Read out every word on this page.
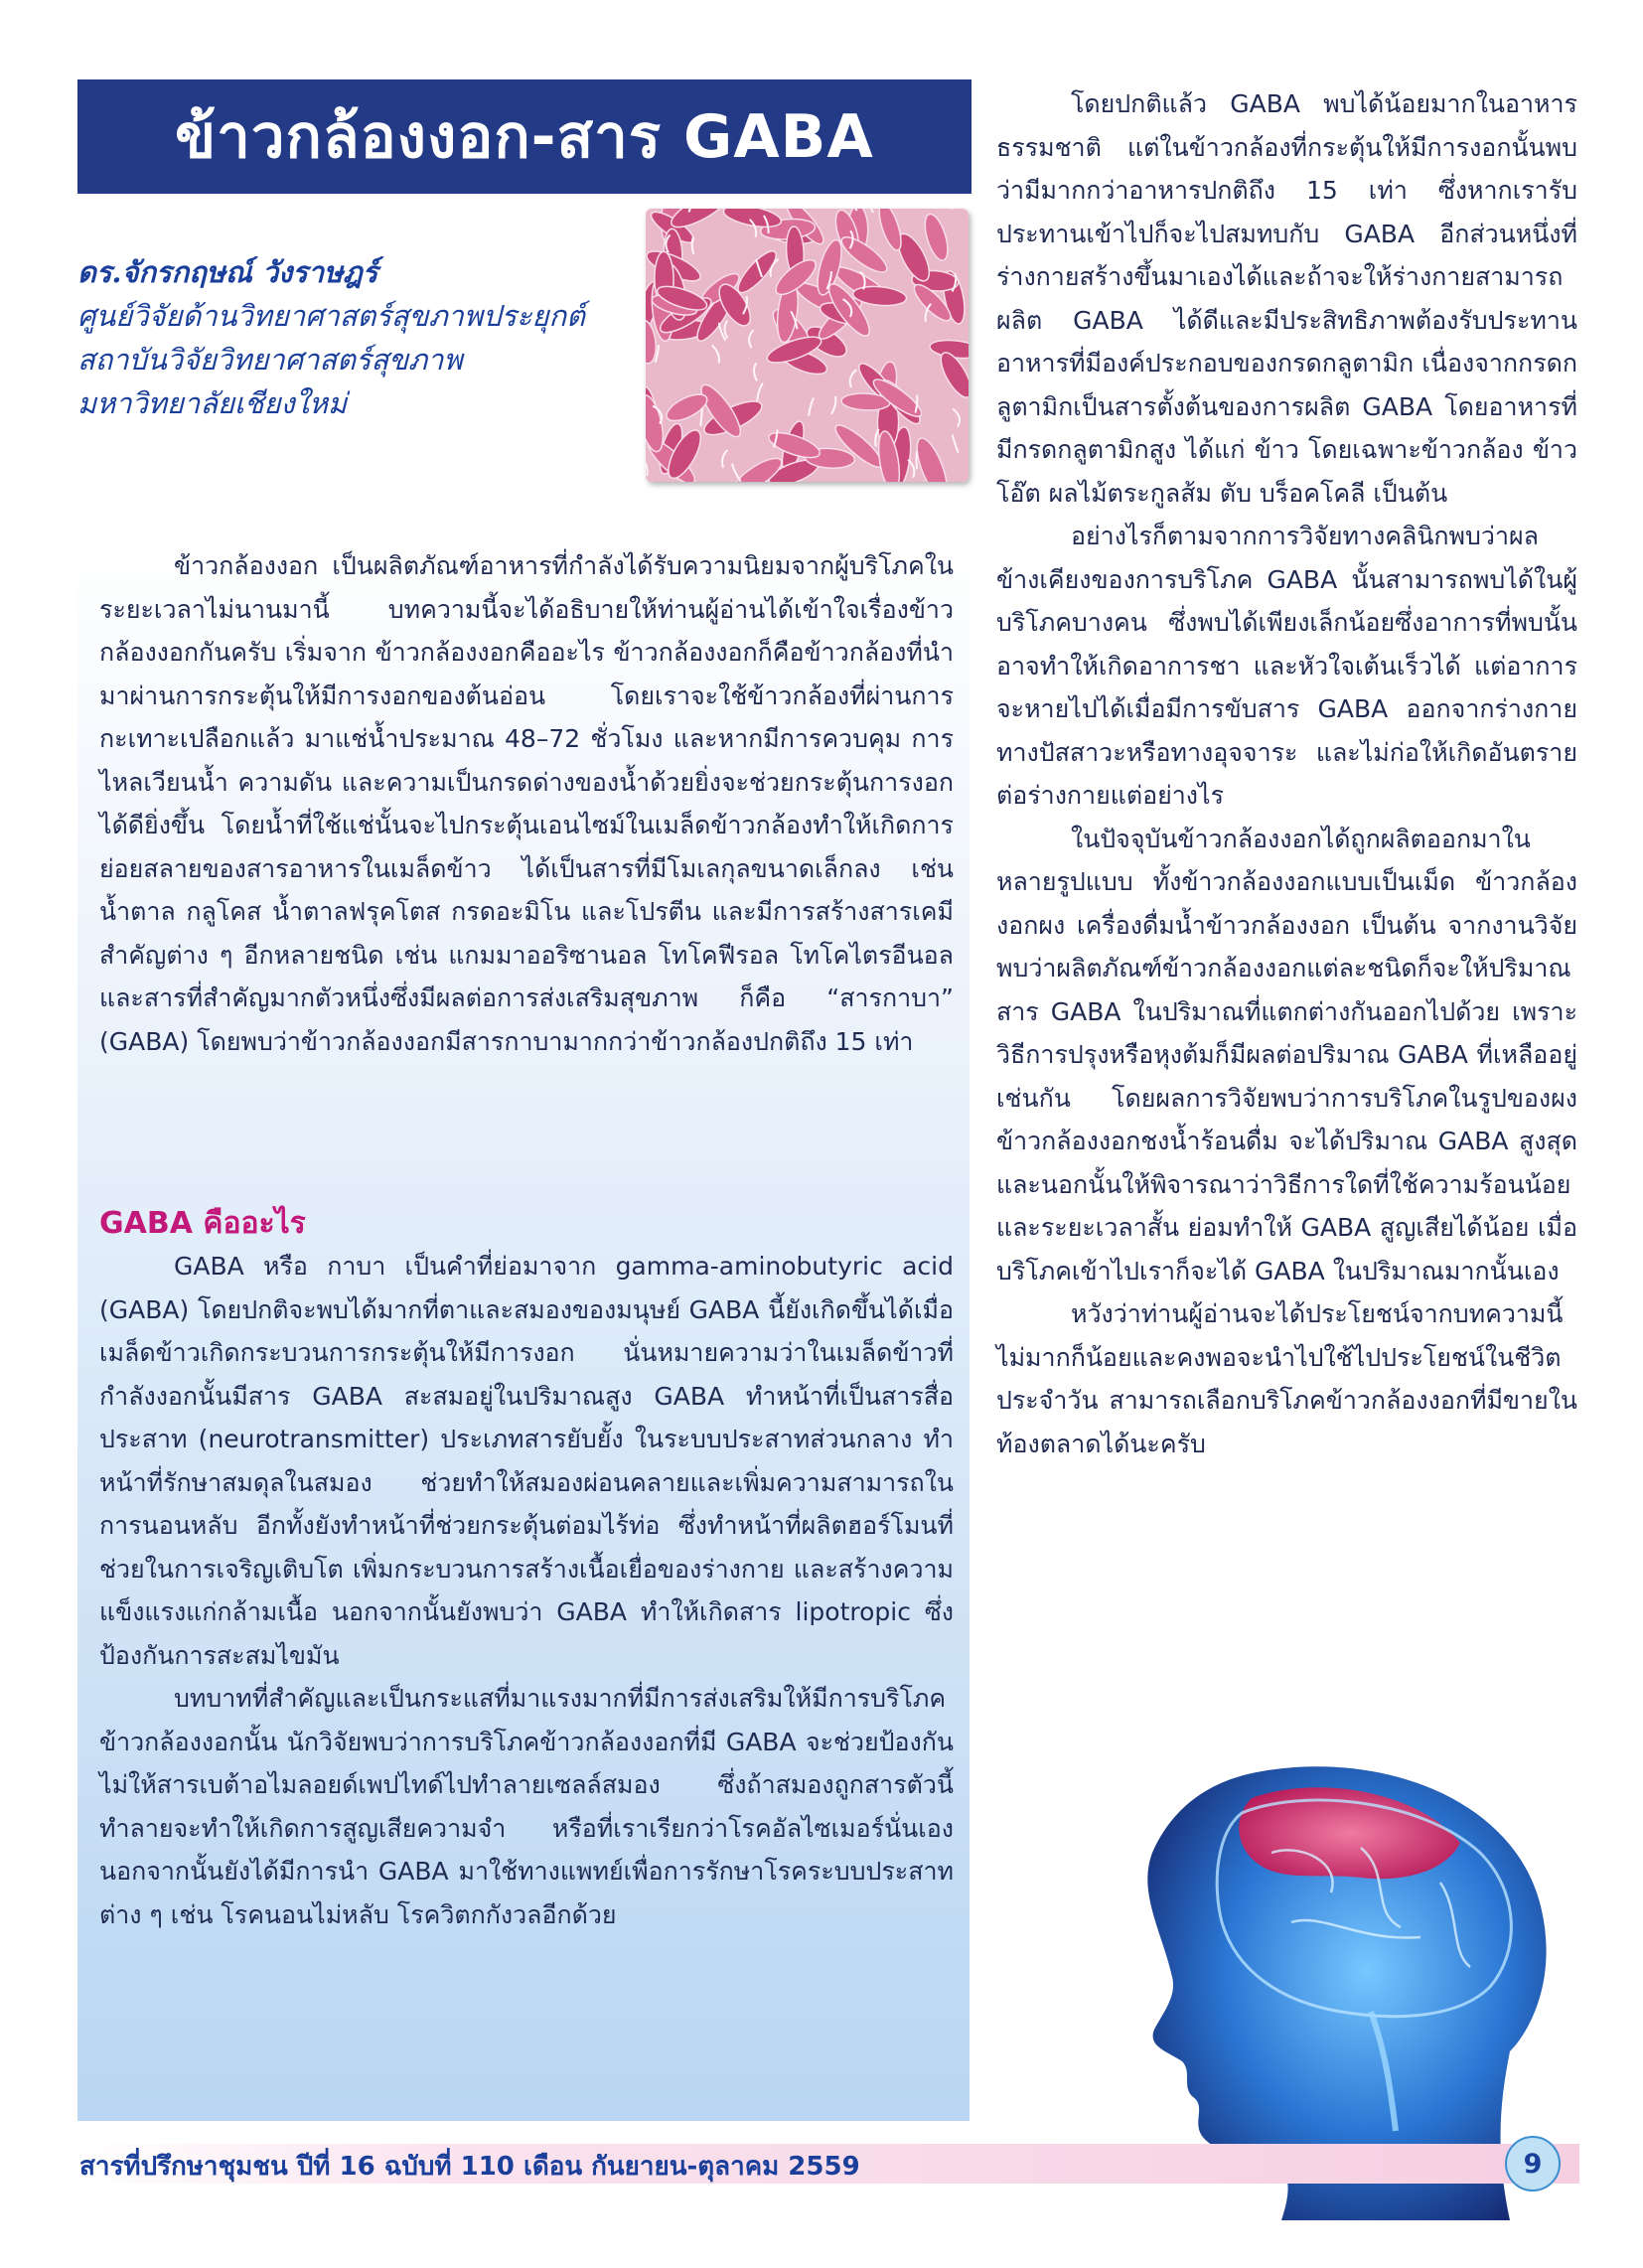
ข้าวกล้องงอก-สาร GABA
ดร.จักรกฤษณ์ วังราษฎร์
ศูนย์วิจัยด้านวิทยาศาสตร์สุขภาพประยุกต์
สถาบันวิจัยวิทยาศาสตร์สุขภาพ
มหาวิทยาลัยเชียงใหม่

ข้าวกล้องงอก เป็นผลิตภัณฑ์อาหารที่กำลังได้รับความนิยมจากผู้บริโภคในระยะเวลาไม่นานมานี้ บทความนี้จะได้อธิบายให้ท่านผู้อ่านได้เข้าใจเรื่องข้าวกล้องงอกกันครับ เริ่มจาก ข้าวกล้องงอกคืออะไร ข้าวกล้องงอกก็คือข้าวกล้องที่นำมาผ่านการกระตุ้นให้มีการงอกของต้นอ่อน โดยเราจะใช้ข้าวกล้องที่ผ่านการกะเทาะเปลือกแล้ว มาแช่น้ำประมาณ 48–72 ชั่วโมง และหากมีการควบคุม การไหลเวียนน้ำ ความดัน และความเป็นกรดด่างของน้ำด้วยยิ่งจะช่วยกระตุ้นการงอกได้ดียิ่งขึ้น โดยน้ำที่ใช้แช่นั้นจะไปกระตุ้นเอนไซม์ในเมล็ดข้าวกล้องทำให้เกิดการย่อยสลายของสารอาหารในเมล็ดข้าว ได้เป็นสารที่มีโมเลกุลขนาดเล็กลง เช่น น้ำตาล กลูโคส น้ำตาลฟรุคโตส กรดอะมิโน และโปรตีน และมีการสร้างสารเคมีสำคัญต่าง ๆ อีกหลายชนิด เช่น แกมมาออริซานอล โทโคฟีรอล โทโคไตรอีนอล และสารที่สำคัญมากตัวหนึ่งซึ่งมีผลต่อการส่งเสริมสุขภาพ ก็คือ “สารกาบา” (GABA) โดยพบว่าข้าวกล้องงอกมีสารกาบามากกว่าข้าวกล้องปกติถึง 15 เท่า

GABA คืออะไร

GABA หรือ กาบา เป็นคำที่ย่อมาจาก gamma-aminobutyric acid (GABA) โดยปกติจะพบได้มากที่ตาและสมองของมนุษย์ GABA นี้ยังเกิดขึ้นได้เมื่อเมล็ดข้าวเกิดกระบวนการกระตุ้นให้มีการงอก นั่นหมายความว่าในเมล็ดข้าวที่กำลังงอกนั้นมีสาร GABA สะสมอยู่ในปริมาณสูง GABA ทำหน้าที่เป็นสารสื่อประสาท (neurotransmitter) ประเภทสารยับยั้ง ในระบบประสาทส่วนกลาง ทำหน้าที่รักษาสมดุลในสมอง ช่วยทำให้สมองผ่อนคลายและเพิ่มความสามารถในการนอนหลับ อีกทั้งยังทำหน้าที่ช่วยกระตุ้นต่อมไร้ท่อ ซึ่งทำหน้าที่ผลิตฮอร์โมนที่ช่วยในการเจริญเติบโต เพิ่มกระบวนการสร้างเนื้อเยื่อของร่างกาย และสร้างความแข็งแรงแก่กล้ามเนื้อ นอกจากนั้นยังพบว่า GABA ทำให้เกิดสาร lipotropic ซึ่งป้องกันการสะสมไขมัน

บทบาทที่สำคัญและเป็นกระแสที่มาแรงมากที่มีการส่งเสริมให้มีการบริโภคข้าวกล้องงอกนั้น นักวิจัยพบว่าการบริโภคข้าวกล้องงอกที่มี GABA จะช่วยป้องกันไม่ให้สารเบต้าอไมลอยด์เพปไทด์ไปทำลายเซลล์สมอง ซึ่งถ้าสมองถูกสารตัวนี้ทำลายจะทำให้เกิดการสูญเสียความจำ หรือที่เราเรียกว่าโรคอัลไซเมอร์นั่นเอง นอกจากนั้นยังได้มีการนำ GABA มาใช้ทางแพทย์เพื่อการรักษาโรคระบบประสาทต่าง ๆ เช่น โรคนอนไม่หลับ โรควิตกกังวลอีกด้วย

โดยปกติแล้ว GABA พบได้น้อยมากในอาหารธรรมชาติ แต่ในข้าวกล้องที่กระตุ้นให้มีการงอกนั้นพบว่ามีมากกว่าอาหารปกติถึง 15 เท่า ซึ่งหากเรารับประทานเข้าไปก็จะไปสมทบกับ GABA อีกส่วนหนึ่งที่ร่างกายสร้างขึ้นมาเองได้และถ้าจะให้ร่างกายสามารถผลิต GABA ได้ดีและมีประสิทธิภาพต้องรับประทานอาหารที่มีองค์ประกอบของกรดกลูตามิก เนื่องจากกรดกลูตามิกเป็นสารตั้งต้นของการผลิต GABA โดยอาหารที่มีกรดกลูตามิกสูง ได้แก่ ข้าว โดยเฉพาะข้าวกล้อง ข้าวโอ๊ต ผลไม้ตระกูลส้ม ตับ บร็อคโคลี เป็นต้น

อย่างไรก็ตามจากการวิจัยทางคลินิกพบว่าผลข้างเคียงของการบริโภค GABA นั้นสามารถพบได้ในผู้บริโภคบางคน ซึ่งพบได้เพียงเล็กน้อยซึ่งอาการที่พบนั้นอาจทำให้เกิดอาการชา และหัวใจเต้นเร็วได้ แต่อาการจะหายไปได้เมื่อมีการขับสาร GABA ออกจากร่างกาย ทางปัสสาวะหรือทางอุจจาระ และไม่ก่อให้เกิดอันตรายต่อร่างกายแต่อย่างไร

ในปัจจุบันข้าวกล้องงอกได้ถูกผลิตออกมาในหลายรูปแบบ ทั้งข้าวกล้องงอกแบบเป็นเม็ด ข้าวกล้องงอกผง เครื่องดื่มน้ำข้าวกล้องงอก เป็นต้น จากงานวิจัยพบว่าผลิตภัณฑ์ข้าวกล้องงอกแต่ละชนิดก็จะให้ปริมาณสาร GABA ในปริมาณที่แตกต่างกันออกไปด้วย เพราะวิธีการปรุงหรือหุงต้มก็มีผลต่อปริมาณ GABA ที่เหลืออยู่เช่นกัน โดยผลการวิจัยพบว่าการบริโภคในรูปของผงข้าวกล้องงอกชงน้ำร้อนดื่ม จะได้ปริมาณ GABA สูงสุด และนอกนั้นให้พิจารณาว่าวิธีการใดที่ใช้ความร้อนน้อยและระยะเวลาสั้น ย่อมทำให้ GABA สูญเสียได้น้อย เมื่อบริโภคเข้าไปเราก็จะได้ GABA ในปริมาณมากนั้นเอง

หวังว่าท่านผู้อ่านจะได้ประโยชน์จากบทความนี้ไม่มากก็น้อยและคงพอจะนำไปใช้ไปประโยชน์ในชีวิตประจำวัน สามารถเลือกบริโภคข้าวกล้องงอกที่มีขายในท้องตลาดได้นะครับ

สารที่ปรึกษาชุมชน ปีที่ 16 ฉบับที่ 110 เดือน กันยายน-ตุลาคม 2559	9
